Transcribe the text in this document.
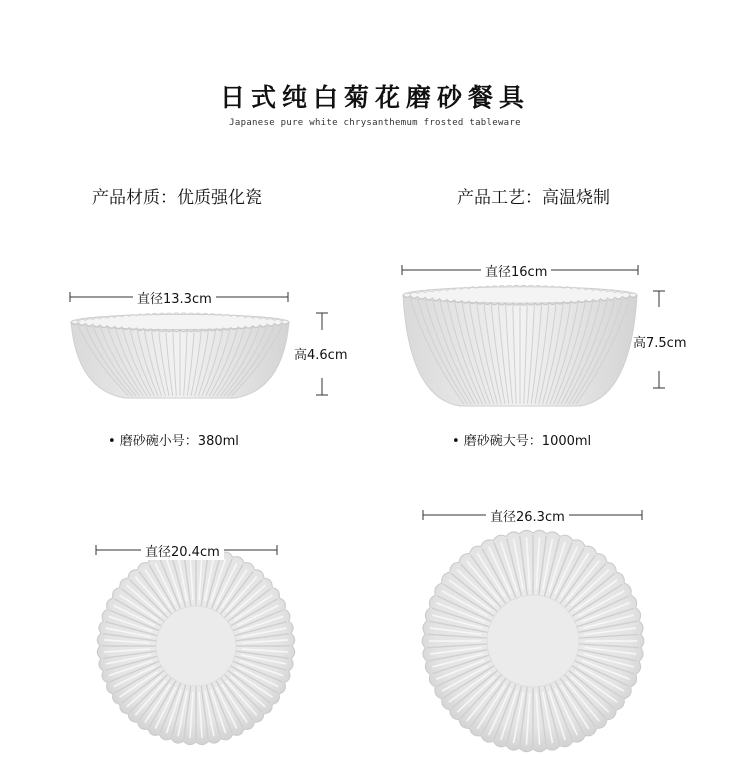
日式纯白菊花磨砂餐具
Japanese pure white chrysanthemum frosted tableware
产品材质：优质强化瓷	产品工艺：高温烧制
直径13.3cm
高4.6cm
• 磨砂碗小号：380ml
直径16cm
高7.5cm
• 磨砂碗大号：1000ml
直径20.4cm
直径26.3cm
